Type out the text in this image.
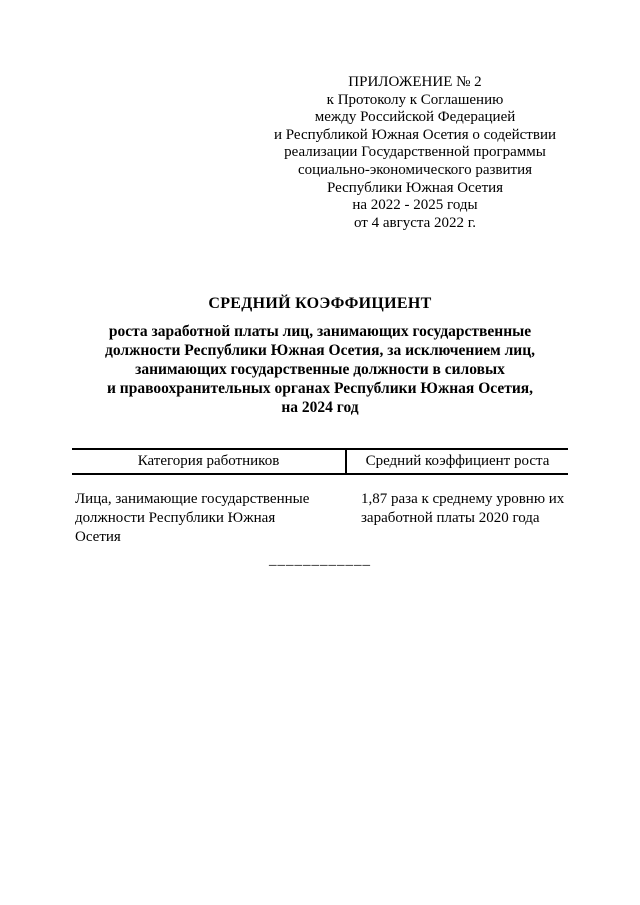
ПРИЛОЖЕНИЕ № 2
к Протоколу к Соглашению
между Российской Федерацией
и Республикой Южная Осетия о содействии
реализации Государственной программы
социально-экономического развития
Республики Южная Осетия
на 2022 - 2025 годы
от 4 августа 2022 г.
СРЕДНИЙ КОЭФФИЦИЕНТ
роста заработной платы лиц, занимающих государственные
должности Республики Южная Осетия, за исключением лиц,
занимающих государственные должности в силовых
и правоохранительных органах Республики Южная Осетия,
на 2024 год
Категория работников	Средний коэффициент роста
Лица, занимающие государственные должности Республики Южная Осетия
1,87 раза к среднему уровню их заработной платы 2020 года
____________
